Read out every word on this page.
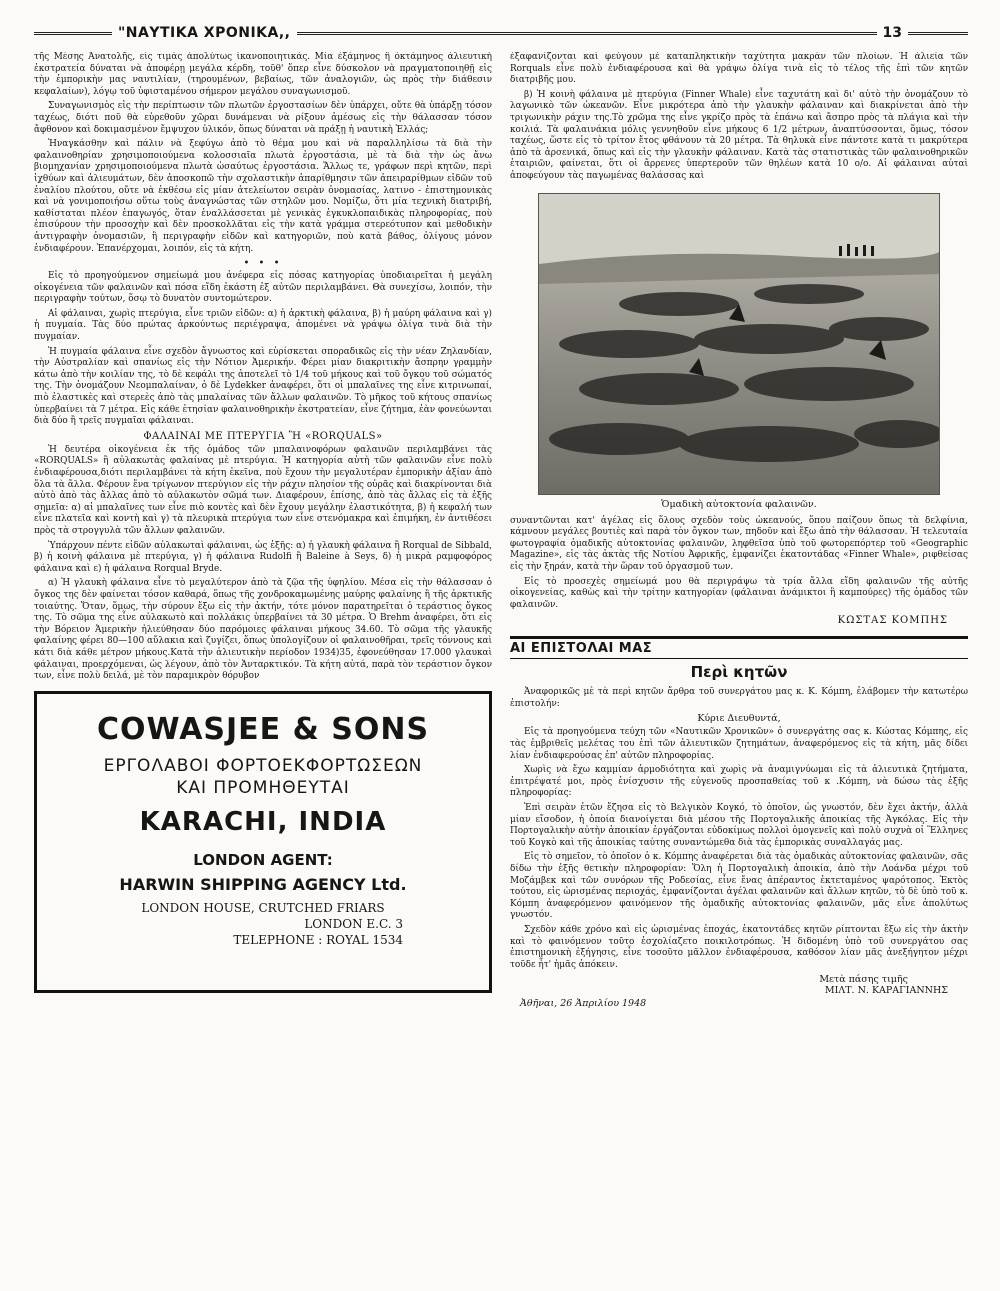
"ΝΑΥΤΙΚΑ ΧΡΟΝΙΚΑ,,	13

τῆς Μέσης Ἀνατολῆς, εἰς τιμὰς ἀπολύτως ἱκανοποιητικάς. Μία ἐξάμηνος ἢ ὀκτάμηνος ἁλιευτικὴ ἐκστρατεία δύναται νὰ ἀποφέρῃ μεγάλα κέρδη, τοῦθ' ὅπερ εἶνε δύσκολον νὰ πραγματοποιηθῇ εἰς τὴν ἐμπορικὴν μας ναυτιλίαν, (τηρουμένων, βεβαίως, τῶν ἀναλογιῶν, ὡς πρὸς τὴν διάθεσιν κεφαλαίων), λόγῳ τοῦ ὑφισταμένου σήμερον μεγάλου συναγωνισμοῦ.

Συναγωνισμὸς εἰς τὴν περίπτωσιν τῶν πλωτῶν ἐργοστασίων δὲν ὑπάρχει, οὔτε θὰ ὑπάρξῃ τόσον ταχέως, διότι ποῦ θὰ εὑρεθοῦν χῶραι δυνάμεναι νὰ ρίξουν ἀμέσως εἰς τὴν θάλασσαν τόσον ἄφθονον καὶ δοκιμασμένον ἔμψυχον ὑλικόν, ὅπως δύναται νὰ πράξῃ ἡ ναυτικὴ Ἑλλάς;

Ἠναγκάσθην καὶ πάλιν νὰ ξεφύγω ἀπὸ τὸ θέμα μου καὶ νὰ παραλληλίσω τὰ διὰ τὴν φαλαινοθηρίαν χρησιμοποιούμενα κολοσσιαῖα πλωτὰ ἐργοστάσια, μὲ τὰ διὰ τὴν ὡς ἄνω βιομηχανίαν χρησιμοποιούμενα πλωτὰ ὡσαύτως ἐργοστάσια. Ἄλλως τε, γράφων περὶ κητῶν, περὶ ἰχθύων καὶ ἁλιευμάτων, δὲν ἀποσκοπῶ τὴν σχολαστικὴν ἀπαρίθμησιν τῶν ἀπειραρίθμων εἰδῶν τοῦ ἐναλίου πλούτου, οὔτε νὰ ἐκθέσω εἰς μίαν ἀτελείωτον σειρὰν ὀνομασίας, λατινο - ἐπιστημονικὰς καὶ νὰ γονιμοποιήσω οὕτω τοὺς ἀναγνώστας τῶν στηλῶν μου. Νομίζω, ὅτι μία τεχνικὴ διατριβή, καθίσταται πλέον ἐπαγωγός, ὅταν ἐναλλάσσεται μὲ γενικὰς ἐγκυκλοπαιδικὰς πληροφορίας, ποὺ ἐπισύρουν τὴν προσοχὴν καὶ δὲν προσκολλᾶται εἰς τὴν κατὰ γράμμα στερεότυπον καὶ μεθοδικὴν ἀντιγραφὴν ὀνομασιῶν, ἢ περιγραφὴν εἰδῶν καὶ κατηγοριῶν, ποὺ κατὰ βάθος, ὀλίγους μόνον ἐνδιαφέρουν. Ἐπανέρχομαι, λοιπόν, εἰς τὰ κήτη.

• • •

Εἰς τὸ προηγούμενον σημείωμά μου ἀνέφερα εἰς πόσας κατηγορίας ὑποδιαιρεῖται ἡ μεγάλη οἰκογένεια τῶν φαλαινῶν καὶ πόσα εἴδη ἑκάστη ἐξ αὐτῶν περιλαμβάνει. Θὰ συνεχίσω, λοιπόν, τὴν περιγραφὴν τούτων, ὅσῳ τὸ δυνατὸν συντομώτερον.

Αἱ φάλαιναι, χωρὶς πτερύγια, εἶνε τριῶν εἰδῶν: α) ἡ ἀρκτικὴ φάλαινα, β) ἡ μαύρη φάλαινα καὶ γ) ἡ πυγμαία. Τὰς δύο πρώτας ἀρκούντως περιέγραψα, ἀπομένει νὰ γράψω ὀλίγα τινὰ διὰ τὴν πυγμαίαν.

Ἡ πυγμαία φάλαινα εἶνε σχεδὸν ἄγνωστος καὶ εὑρίσκεται σποραδικῶς εἰς τὴν νέαν Ζηλανδίαν, τὴν Αὐστραλίαν καὶ σπανίως εἰς τὴν Νότιον Ἀμερικήν. Φέρει μίαν διακριτικὴν ἄσπρην γραμμὴν κάτω ἀπὸ τὴν κοιλίαν της, τὸ δὲ κεφάλι της ἀποτελεῖ τὸ 1/4 τοῦ μήκους καὶ τοῦ ὄγκου τοῦ σώματός της. Τὴν ὀνομάζουν Νεομπαλαίναν, ὁ δὲ Lydekker ἀναφέρει, ὅτι οἱ μπαλαῖνες της εἶνε κιτρινωπαί, πιὸ ἐλαστικὲς καὶ στερεὲς ἀπὸ τὰς μπαλαίνας τῶν ἄλλων φαλαινῶν. Τὸ μῆκος τοῦ κήτους σπανίως ὑπερβαίνει τὰ 7 μέτρα. Εἰς κάθε ἐτησίαν φαλαινοθηρικὴν ἐκστρατείαν, εἶνε ζήτημα, ἐὰν φονεύωνται διὰ δύο ἢ τρεῖς πυγμαῖαι φάλαιναι.

ΦΑΛΑΙΝΑΙ ΜΕ ΠΤΕΡΥΓΙΑ Ἢ «RORQUALS»

Ἡ δευτέρα οἰκογένεια ἐκ τῆς ὁμάδος τῶν μπαλαινοφόρων φαλαινῶν περιλαμβάνει τὰς «RORQUALS» ἢ αὐλακωτὰς φαλαίνας μὲ πτερύγια. Ἡ κατηγορία αὐτὴ τῶν φαλαινῶν εἶνε πολὺ ἐνδιαφέρουσα,διότι περιλαμβάνει τὰ κήτη ἐκεῖνα, ποὺ ἔχουν τὴν μεγαλυτέραν ἐμπορικὴν ἀξίαν ἀπὸ ὅλα τὰ ἄλλα. Φέρουν ἕνα τρίγωνον πτερύγιον εἰς τὴν ράχιν πλησίον τῆς οὐρᾶς καὶ διακρίνονται διὰ αὐτὸ ἀπὸ τὰς ἄλλας ἀπὸ τὸ αὐλακωτὸν σῶμά των. Διαφέρουν, ἐπίσης, ἀπὸ τὰς ἄλλας εἰς τὰ ἑξῆς σημεῖα: α) αἱ μπαλαῖνες των εἶνε πιὸ κοντὲς καὶ δὲν ἔχουν μεγάλην ἐλαστικότητα, β) ἡ κεφαλή των εἶνε πλατεῖα καὶ κοντὴ καὶ γ) τὰ πλευρικὰ πτερύγια των εἶνε στενόμακρα καὶ ἐπιμήκη, ἐν ἀντιθέσει πρὸς τὰ στρογγυλὰ τῶν ἄλλων φαλαινῶν.

Ὑπάρχουν πέντε εἰδῶν αὐλακωταὶ φάλαιναι, ὡς ἑξῆς: α) ἡ γλαυκὴ φάλαινα ἢ Rorqual de Sibbald, β) ἡ κοινὴ φάλαινα μὲ πτερύγια, γ) ἡ φάλαινα Rudolfi ἢ Baleine à Seys, δ) ἡ μικρὰ ραμφοφόρος φάλαινα καὶ ε) ἡ φάλαινα Rorqual Bryde.

α) Ἡ γλαυκὴ φάλαινα εἶνε τὸ μεγαλύτερον ἀπὸ τὰ ζῷα τῆς ὑφηλίου. Μέσα εἰς τὴν θάλασσαν ὁ ὄγκος της δὲν φαίνεται τόσον καθαρά, ὅπως τῆς χονδροκαμωμένης μαύρης φαλαίνης ἢ τῆς ἀρκτικῆς τοιαύτης. Ὅταν, ὅμως, τὴν σύρουν ἔξω εἰς τὴν ἀκτήν, τότε μόνον παρατηρεῖται ὁ τεράστιος ὄγκος της. Τὸ σῶμα της εἶνε αὐλακωτὸ καὶ πολλάκις ὑπερβαίνει τὰ 30 μέτρα. Ὁ Brehm ἀναφέρει, ὅτι εἰς τὴν Βόρειον Ἀμερικὴν ἠλιεύθησαν δύο παρόμοιες φάλαιναι μήκους 34.60. Τὸ σῶμα τῆς γλαυκῆς φαλαίνης φέρει 80—100 αὔλακια καὶ ζυγίζει, ὅπως ὑπολογίζουν οἱ φαλαινοθῆραι, τρεῖς τόννους καὶ κάτι διὰ κάθε μέτρον μήκους.Κατὰ τὴν ἁλιευτικὴν περίοδον 1934)35, ἐφονεύθησαν 17.000 γλαυκαὶ φάλαιναι, προερχόμεναι, ὡς λέγουν, ἀπὸ τὸν Ἀνταρκτικόν. Τὰ κήτη αὐτά, παρὰ τὸν τεράστιον ὄγκον των, εἶνε πολὺ δειλά, μὲ τὸν παραμικρὸν θόρυβον

COWASJEE & SONS
ΕΡΓΟΛΑΒΟΙ ΦΟΡΤΟΕΚΦΟΡΤΩΣΕΩΝ
ΚΑΙ ΠΡΟΜΗΘΕΥΤΑΙ
KARACHI, INDIA
LONDON AGENT:
HARWIN SHIPPING AGENCY Ltd.
LONDON HOUSE, CRUTCHED FRIARS
LONDON E.C. 3
TELEPHONE : ROYAL 1534

ἐξαφανίζονται καὶ φεύγουν μὲ καταπληκτικὴν ταχύτητα μακρὰν τῶν πλοίων. Ἡ ἁλιεία τῶν Rorquals εἶνε πολὺ ἐνδιαφέρουσα καὶ θὰ γράψω ὀλίγα τινὰ εἰς τὸ τέλος τῆς ἐπὶ τῶν κητῶν διατριβῆς μου.

β) Ἡ κοινὴ φάλαινα μὲ πτερύγια (Finner Whale) εἶνε ταχυτάτη καὶ δι' αὐτὸ τὴν ὀνομάζουν τὸ λαγωνικὸ τῶν ὠκεανῶν. Εἶνε μικρότερα ἀπὸ τὴν γλαυκὴν φάλαιναν καὶ διακρίνεται ἀπὸ τὴν τριγωνικὴν ράχιν της.Τὸ χρῶμα της εἶνε γκρίζο πρὸς τὰ ἐπάνω καὶ ἄσπρο πρὸς τὰ πλάγια καὶ τὴν κοιλιά. Τὰ φαλαινάκια μόλις γεννηθοῦν εἶνε μήκους 6 1/2 μέτρων, ἀναπτύσσονται, ὅμως, τόσον ταχέως, ὥστε εἰς τὸ τρίτον ἔτος φθάνουν τὰ 20 μέτρα. Τὰ θηλυκὰ εἶνε πάντοτε κατὰ τι μακρύτερα ἀπὸ τὰ ἀρσενικά, ὅπως καὶ εἰς τὴν γλαυκὴν φάλαιναν. Κατὰ τὰς στατιστικὰς τῶν φαλαινοθηρικῶν ἑταιριῶν, φαίνεται, ὅτι οἱ ἄρρενες ὑπερτεροῦν τῶν θηλέων κατὰ 10 ο/ο. Αἱ φάλαιναι αὐταὶ ἀποφεύγουν τὰς παγωμένας θαλάσσας καὶ

Ὁμαδικὴ αὐτοκτονία φαλαινῶν.

συναντῶνται κατ' ἀγέλας εἰς ὅλους σχεδὸν τοὺς ὠκεανούς, ὅπου παίζουν ὅπως τὰ δελφίνια, κάμνουν μεγάλες βουτιὲς καὶ παρὰ τὸν ὄγκον των, πηδοῦν καὶ ἔξω ἀπὸ τὴν θάλασσαν. Ἡ τελευταία φωτογραφία ὁμαδικῆς αὐτοκτονίας φαλαινῶν, ληφθεῖσα ὑπὸ τοῦ φωτορεπόρτερ τοῦ «Geographic Magazine», εἰς τὰς ἀκτὰς τῆς Νοτίου Ἀφρικῆς, ἐμφανίζει ἑκατοντάδας «Finner Whale», ριφθείσας εἰς τὴν ξηράν, κατὰ τὴν ὥραν τοῦ ὀργασμοῦ των.

Εἰς τὸ προσεχὲς σημείωμά μου θὰ περιγράψω τὰ τρία ἄλλα εἴδη φαλαινῶν τῆς αὐτῆς οἰκογενείας, καθὼς καὶ τὴν τρίτην κατηγορίαν (φάλαιναι ἀνάμικτοι ἢ καμπούρες) τῆς ὁμάδος τῶν φαλαινῶν.

ΚΩΣΤΑΣ ΚΟΜΠΗΣ
ΑΙ ΕΠΙΣΤΟΛΑΙ ΜΑΣ
Περὶ κητῶν

Ἀναφορικῶς μὲ τὰ περὶ κητῶν ἄρθρα τοῦ συνεργάτου μας κ. Κ. Κόμπη, ἐλάβομεν τὴν κατωτέρω ἐπιστολήν:

Κύριε Διευθυντά,

Εἰς τὰ προηγούμενα τεύχη τῶν «Ναυτικῶν Χρονικῶν» ὁ συνεργάτης σας κ. Κώστας Κόμπης, εἰς τὰς ἐμβριθεῖς μελέτας του ἐπὶ τῶν ἁλιευτικῶν ζητημάτων, ἀναφερόμενος εἰς τὰ κήτη, μᾶς δίδει λίαν ἐνδιαφερούσας ἐπ' αὐτῶν πληροφορίας.

Χωρὶς νὰ ἔχω καμμίαν ἁρμοδιότητα καὶ χωρὶς νὰ ἀναμιγνύωμαι εἰς τὰ ἁλιευτικὰ ζητήματα, ἐπιτρέψατέ μοι, πρὸς ἐνίσχυσιν τῆς εὐγενοῦς προσπαθείας τοῦ κ .Κόμπη, νὰ δώσω τὰς ἑξῆς πληροφορίας:

Ἐπὶ σειρὰν ἐτῶν ἔζησα εἰς τὸ Βελγικὸν Κογκό, τὸ ὁποῖον, ὡς γνωστόν, δὲν ἔχει ἀκτήν, ἀλλὰ μίαν εἴσοδον, ἡ ὁποία διανοίγεται διὰ μέσου τῆς Πορτογαλικῆς ἀποικίας τῆς Ἀγκόλας. Εἰς τὴν Πορτογαλικὴν αὐτὴν ἀποικίαν ἐργάζονται εὐδοκίμως πολλοὶ ὁμογενεῖς καὶ πολὺ συχνὰ οἱ Ἕλληνες τοῦ Κογκὸ καὶ τῆς ἀποικίας ταύτης συναντώμεθα διὰ τὰς ἐμπορικὰς συναλλαγάς μας.

Εἰς τὸ σημεῖον, τὸ ὁποῖον ὁ κ. Κόμπης ἀναφέρεται διὰ τὰς ὁμαδικὰς αὐτοκτονίας φαλαινῶν, σᾶς δίδω τὴν ἑξῆς θετικὴν πληροφορίαν: Ὅλη ἡ Πορτογαλικὴ ἀποικία, ἀπὸ τὴν Λοάνδα μέχρι τοῦ Μοζάμβεκ καὶ τῶν συνόρων τῆς Ροδεσίας, εἶνε ἔνας ἀπέραντος ἐκτεταμένος ψαρότοπος. Ἐκτὸς τούτου, εἰς ὡρισμένας περιοχάς, ἐμφανίζονται ἀγέλαι φαλαινῶν καὶ ἄλλων κητῶν, τὸ δὲ ὑπὸ τοῦ κ. Κόμπη ἀναφερόμενον φαινόμενον τῆς ὁμαδικῆς αὐτοκτονίας φαλαινῶν, μᾶς εἶνε ἀπολύτως γνωστόν.

Σχεδὸν κάθε χρόνο καὶ εἰς ὡρισμένας ἐποχάς, ἑκατοντάδες κητῶν ρίπτονται ἔξω εἰς τὴν ἀκτὴν καὶ τὸ φαινόμενον τοῦτο ἐσχολίαζετο ποικιλοτρόπως. Ἡ διδομένη ὑπὸ τοῦ συνεργάτου σας ἐπιστημονικὴ ἐξήγησις, εἶνε τοσοῦτο μᾶλλον ἐνδιαφέρουσα, καθόσον λίαν μᾶς ἀνεξήγητον μέχρι τοῦδε ἦτ' ἡμᾶς ἀπόκειν.

Μετὰ πάσης τιμῆς
ΜΙΛΤ. Ν. ΚΑΡΑΓΙΑΝΝΗΣ
Ἀθῆναι, 26 Ἀπριλίου 1948
